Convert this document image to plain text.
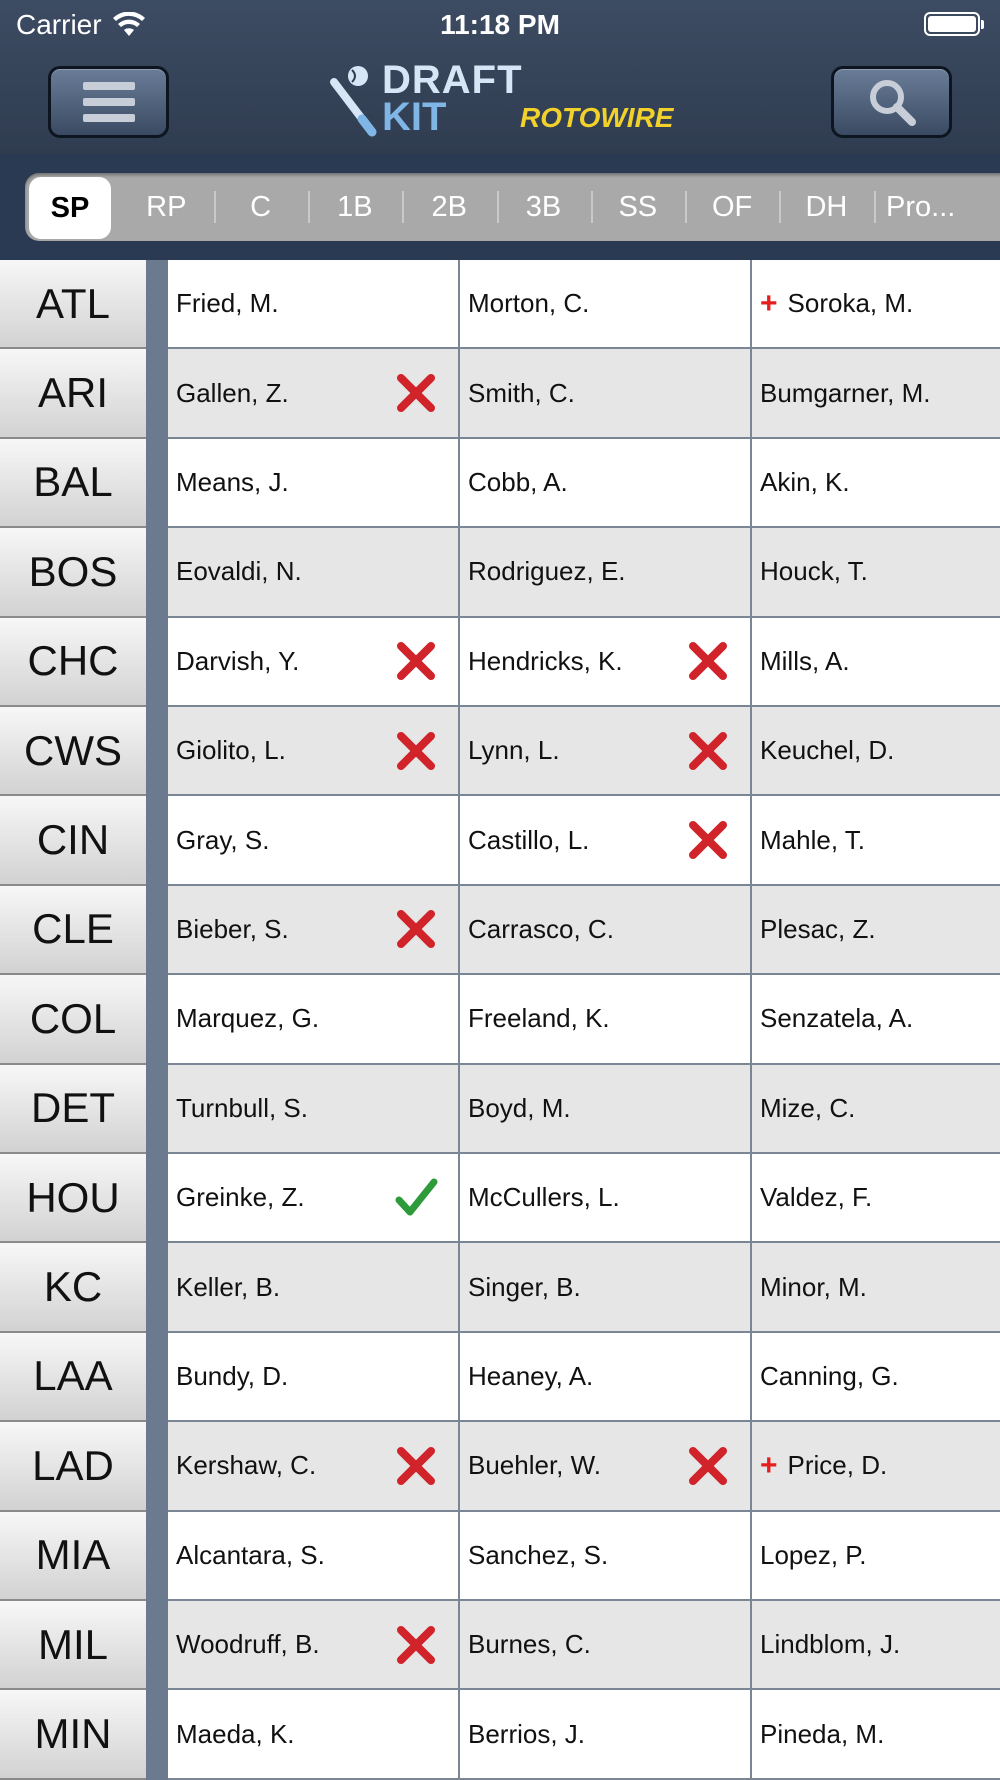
Carrier	11:18 PM
DRAFT
KIT	ROTOWIRE
SP	RP	C	1B	2B	3B	SS	OF	DH	Pro...
ATL	Fried, M.	Morton, C.	+ Soroka, M.
ARI	Gallen, Z.	Smith, C.	Bumgarner, M.
BAL	Means, J.	Cobb, A.	Akin, K.
BOS	Eovaldi, N.	Rodriguez, E.	Houck, T.
CHC	Darvish, Y.	Hendricks, K.	Mills, A.
CWS	Giolito, L.	Lynn, L.	Keuchel, D.
CIN	Gray, S.	Castillo, L.	Mahle, T.
CLE	Bieber, S.	Carrasco, C.	Plesac, Z.
COL	Marquez, G.	Freeland, K.	Senzatela, A.
DET	Turnbull, S.	Boyd, M.	Mize, C.
HOU	Greinke, Z.	McCullers, L.	Valdez, F.
KC	Keller, B.	Singer, B.	Minor, M.
LAA	Bundy, D.	Heaney, A.	Canning, G.
LAD	Kershaw, C.	Buehler, W.	+ Price, D.
MIA	Alcantara, S.	Sanchez, S.	Lopez, P.
MIL	Woodruff, B.	Burnes, C.	Lindblom, J.
MIN	Maeda, K.	Berrios, J.	Pineda, M.
